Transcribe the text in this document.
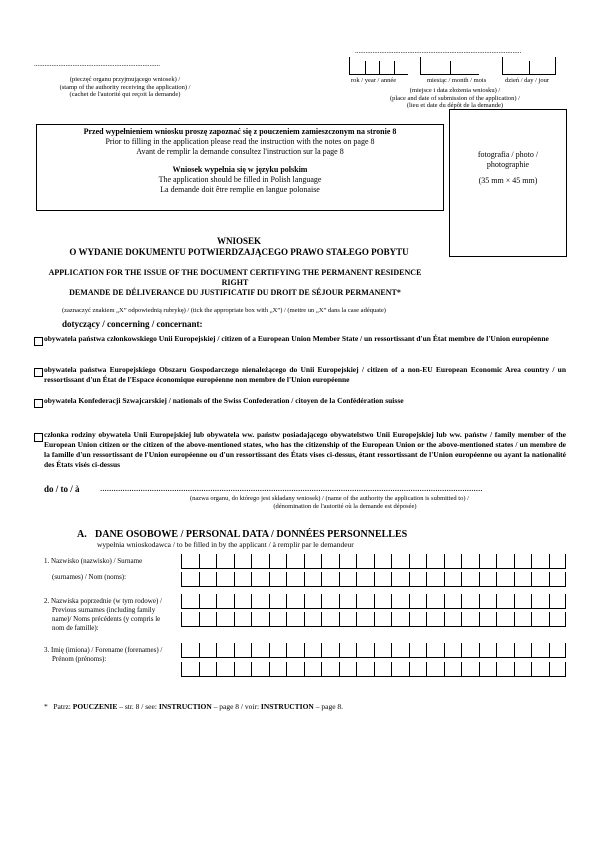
........................................................................
(pieczęć organu przyjmującego wniosek) /
(stamp of the authority receiving the application) /
(cachet de l'autorité qui reçoit la demande)
...............................................................................................
rok / year / année	miesiąc / month / mois	dzień / day / jour
(miejsce i data złożenia wniosku) /
(place and date of submission of the application) /
(lieu et date du dépôt de la demande)
Przed wypełnieniem wniosku proszę zapoznać się z pouczeniem zamieszczonym na stronie 8
Prior to filling in the application please read the instruction with the notes on page 8
Avant de remplir la demande consultez l'instruction sur la page 8
Wniosek wypełnia się w języku polskim
The application should be filled in Polish language
La demande doit être remplie en langue polonaise
fotografia / photo /
photographie
(35 mm × 45 mm)
WNIOSEK
O WYDANIE DOKUMENTU POTWIERDZAJĄCEGO PRAWO STAŁEGO POBYTU
APPLICATION FOR THE ISSUE OF THE DOCUMENT CERTIFYING THE PERMANENT RESIDENCE
RIGHT
DEMANDE DE DÉLIVERANCE DU JUSTIFICATIF DU DROIT DE SÉJOUR PERMANENT*
(zaznaczyć znakiem „X” odpowiednią rubrykę) / (tick the appropriate box with „X”) / (mettre un „X” dans la case adéquate)
dotyczący / concerning / concernant:
obywatela państwa członkowskiego Unii Europejskiej / citizen of a European Union Member State / un ressortissant d'un État membre de l'Union européenne
obywatela państwa Europejskiego Obszaru Gospodarczego nienależącego do Unii Europejskiej / citizen of a non-EU European Economic Area country / un ressortissant d'un État de l'Espace économique européenne non membre de l'Union européenne
obywatela Konfederacji Szwajcarskiej / nationals of the Swiss Confederation / citoyen de la Confédération suisse
członka rodziny obywatela Unii Europejskiej lub obywatela ww. państw posiadającego obywatelstwo Unii Europejskiej lub ww. państw / family member of the European Union citizen or the citizen of the above-mentioned states, who has the citizenship of the European Union or the above-mentioned states / un membre de la famille d'un ressortissant de l'Union européenne ou d'un ressortissant des États vises ci-dessus, étant ressortissant de l'Union européenne ou ayant la nationalité des États visés ci-dessus
do / to / à ..........................................................................................................................................................................
(nazwa organu, do którego jest składany wniosek) / (name of the authority the application is submitted to) /
(dénomination de l'autorité où la demande est déposée)
A. DANE OSOBOWE / PERSONAL DATA / DONNÉES PERSONNELLES
wypełnia wnioskodawca / to be filled in by the applicant / à remplir par le demandeur
1. Nazwisko (nazwisko) / Surname
(surnames) / Nom (noms):
2. Nazwiska poprzednie (w tym rodowe) /
Previous surnames (including family
name)/ Noms précédents (y compris le
nom de famille):
3. Imię (imiona) / Forename (forenames) /
Prénom (prénoms):
* Patrz: POUCZENIE – str. 8 / see: INSTRUCTION – page 8 / voir: INSTRUCTION – page 8.
